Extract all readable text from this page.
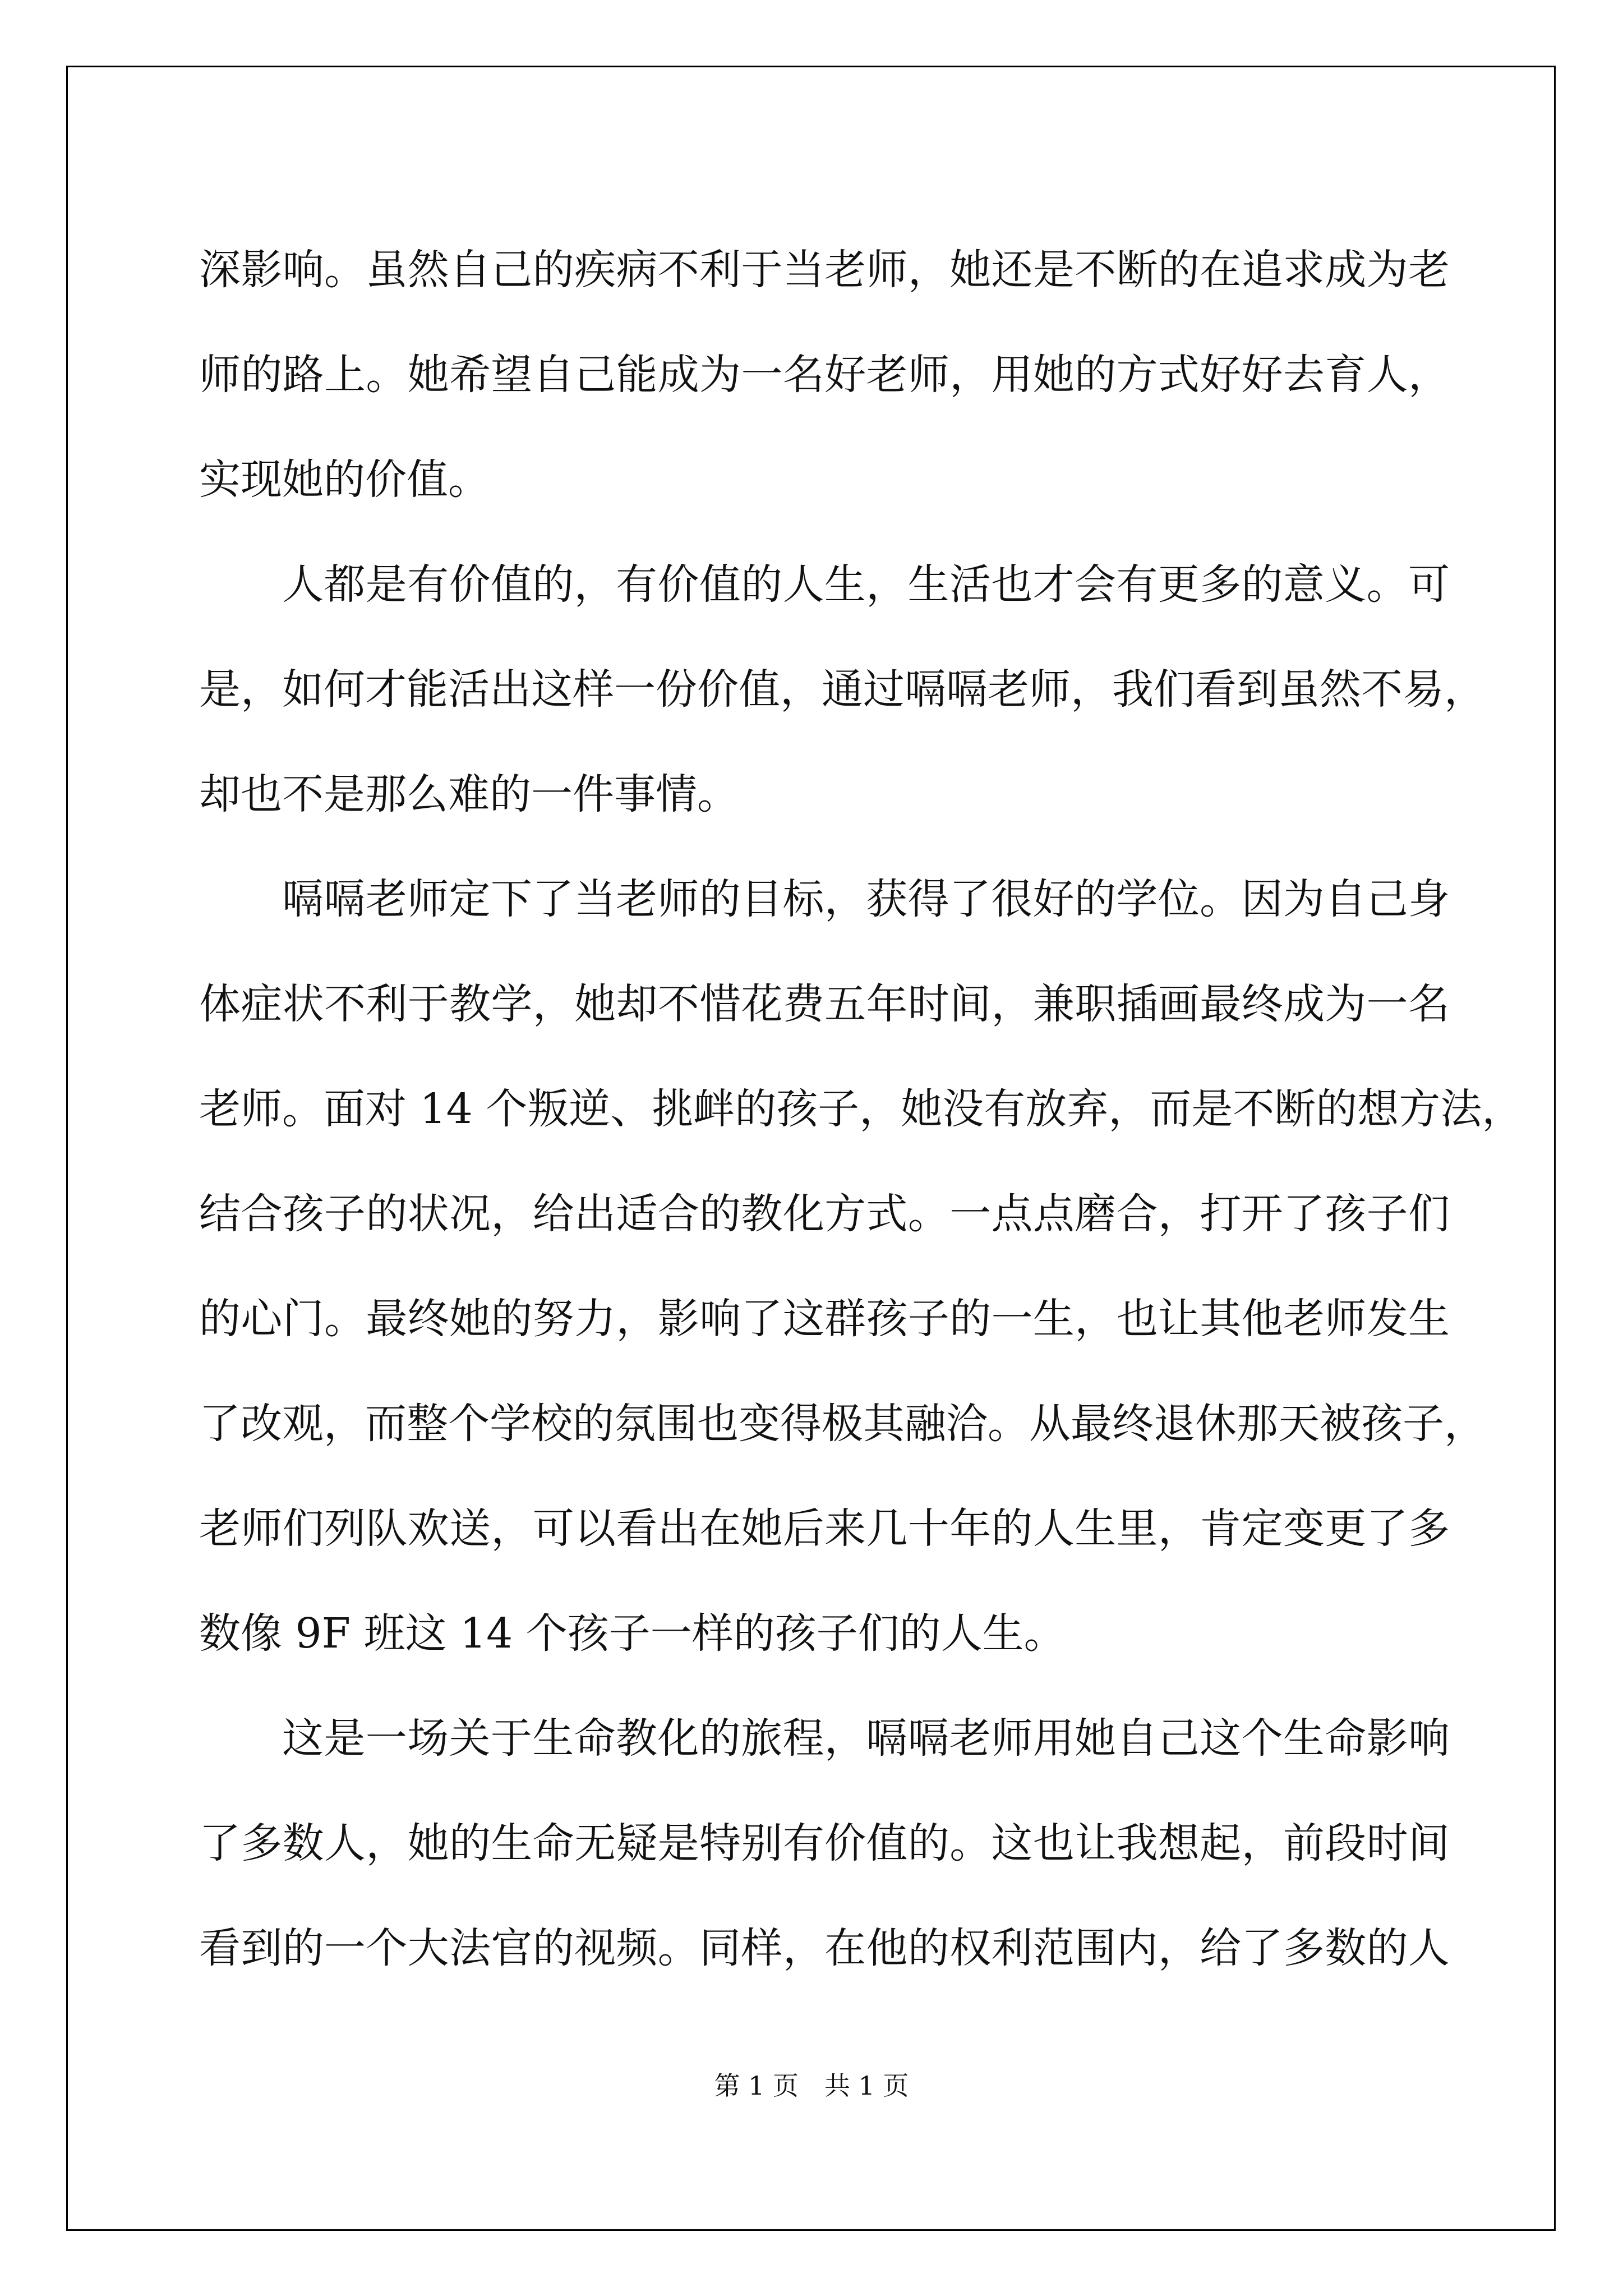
深影响。虽然自己的疾病不利于当老师，她还是不断的在追求成为老
师的路上。她希望自己能成为一名好老师，用她的方式好好去育人，
实现她的价值。
人都是有价值的，有价值的人生，生活也才会有更多的意义。可
是，如何才能活出这样一份价值，通过嗝嗝老师，我们看到虽然不易，
却也不是那么难的一件事情。
嗝嗝老师定下了当老师的目标，获得了很好的学位。因为自己身
体症状不利于教学，她却不惜花费五年时间，兼职插画最终成为一名
老师。面对 14 个叛逆、挑衅的孩子，她没有放弃，而是不断的想方法，
结合孩子的状况，给出适合的教化方式。一点点磨合，打开了孩子们
的心门。最终她的努力，影响了这群孩子的一生，也让其他老师发生
了改观，而整个学校的氛围也变得极其融洽。从最终退休那天被孩子，
老师们列队欢送，可以看出在她后来几十年的人生里，肯定变更了多
数像 9F 班这 14 个孩子一样的孩子们的人生。
这是一场关于生命教化的旅程，嗝嗝老师用她自己这个生命影响
了多数人，她的生命无疑是特别有价值的。这也让我想起，前段时间
看到的一个大法官的视频。同样，在他的权利范围内，给了多数的人
第 1 页 共 1 页
